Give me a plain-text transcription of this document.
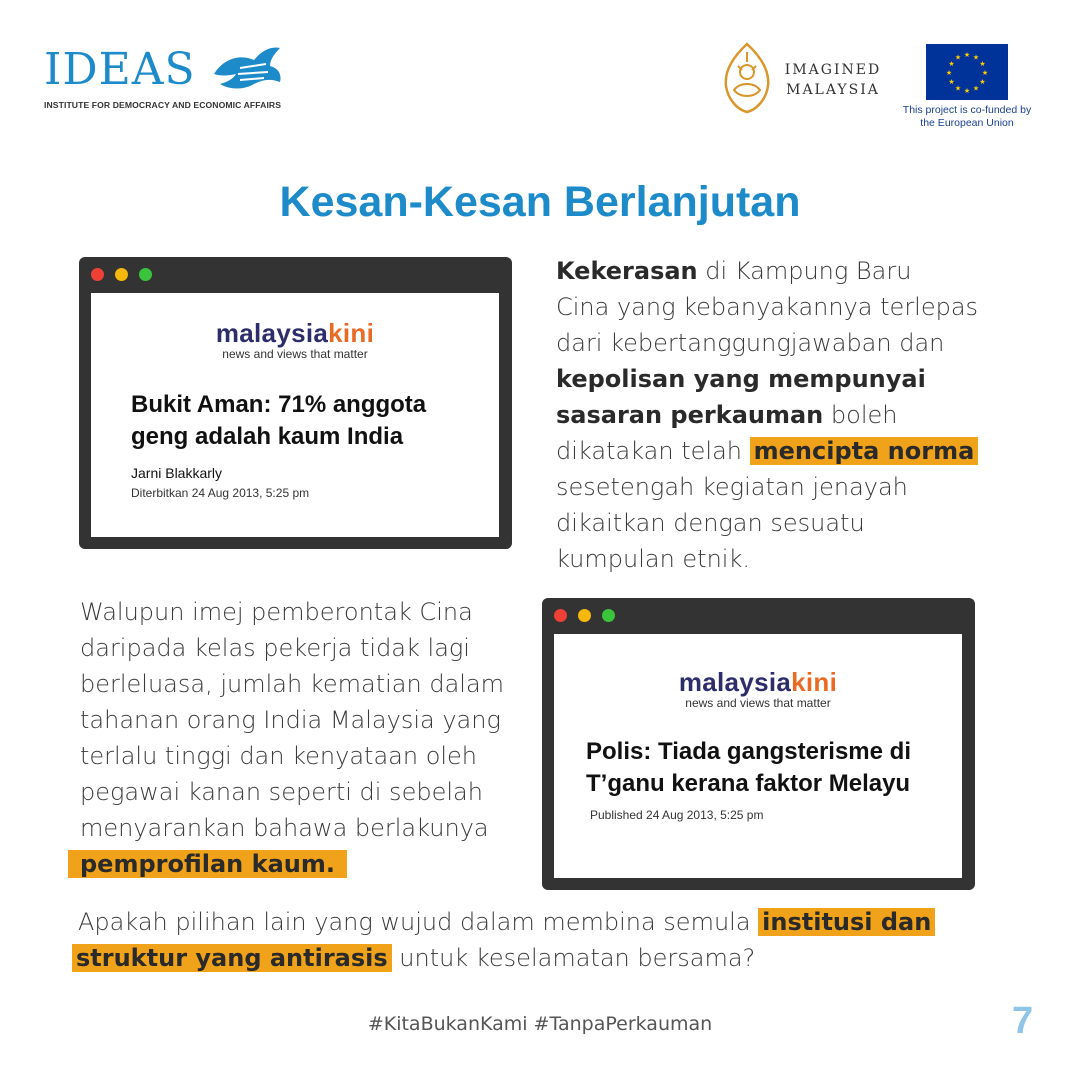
IDEAS
INSTITUTE FOR DEMOCRACY AND ECONOMIC AFFAIRS
IMAGINED
MALAYSIA
★ ★
★
★
★
★
★
★
★
★
★
★
This project is co-funded by
the European Union
Kesan-Kesan Berlanjutan
malaysiakini
news and views that matter
Bukit Aman: 71% anggota
geng adalah kaum India
Jarni Blakkarly
Diterbitkan 24 Aug 2013, 5:25 pm
Kekerasan di Kampung Baru
Cina yang kebanyakannya terlepas
dari kebertanggungjawaban dan
kepolisan yang mempunyai
sasaran perkauman boleh
dikatakan telah mencipta norma
sesetengah kegiatan jenayah
dikaitkan dengan sesuatu
kumpulan etnik.
Walupun imej pemberontak Cina
daripada kelas pekerja tidak lagi
berleluasa, jumlah kematian dalam
tahanan orang India Malaysia yang
terlalu tinggi dan kenyataan oleh
pegawai kanan seperti di sebelah
menyarankan bahawa berlakunya
pemprofilan kaum.
malaysiakini
news and views that matter
Polis: Tiada gangsterisme di
T’ganu kerana faktor Melayu
Published 24 Aug 2013, 5:25 pm
Apakah pilihan lain yang wujud dalam membina semula institusi dan
struktur yang antirasis untuk keselamatan bersama?
#KitaBukanKami #TanpaPerkauman	7
